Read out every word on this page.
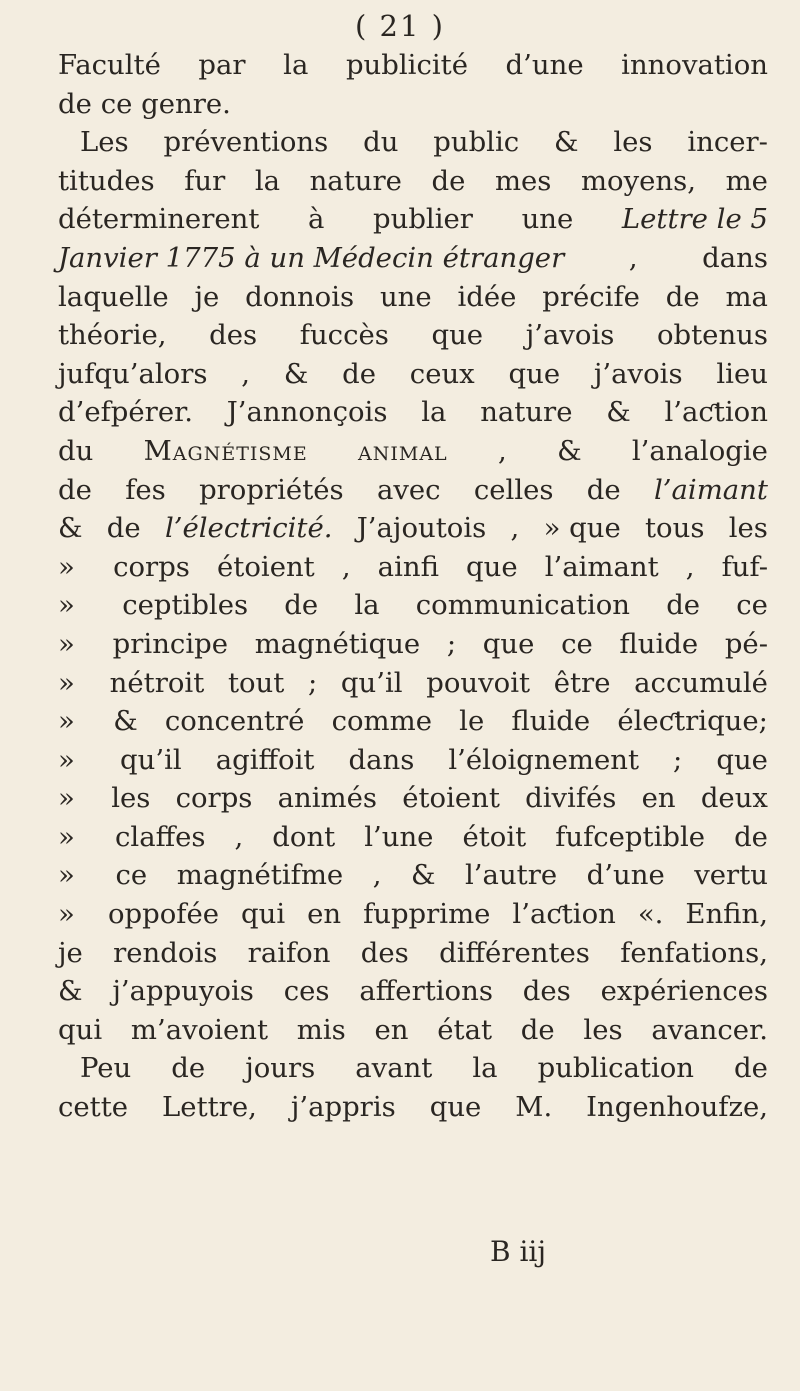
( 21 )
Faculté par la publicité d’une innovation
de ce genre.
Les préventions du public & les incer-
titudes fur la nature de mes moyens, me
déterminerent à publier une Lettre le 5
Janvier 1775 à un Médecin étranger , dans
laquelle je donnois une idée précife de ma
théorie, des fuccès que j’avois obtenus
jufqu’alors , & de ceux que j’avois lieu
d’efpérer. J’annonçois la nature & l’aƈtion
du Magnétisme animal , & l’analogie
de fes propriétés avec celles de l’aimant
& de l’électricité. J’ajoutois , » que tous les
»	corps étoient , ainfi que l’aimant , fuf-
»	ceptibles de la communication de ce
»	principe magnétique ; que ce fluide pé-
»	nétroit tout ; qu’il pouvoit être accumulé
»	& concentré comme le fluide éleƈtrique;
»	qu’il agiffoit dans l’éloignement ; que
»	les corps animés étoient divifés en deux
»	claffes , dont l’une étoit fufceptible de
»	ce magnétifme , & l’autre d’une vertu
»	oppofée qui en fupprime l’aƈtion «. Enfin,
je rendois raifon des différentes fenfations,
& j’appuyois ces affertions des expériences
qui m’avoient mis en état de les avancer.
Peu de jours avant la publication de
cette Lettre, j’appris que M. Ingenhoufze,
B iij
